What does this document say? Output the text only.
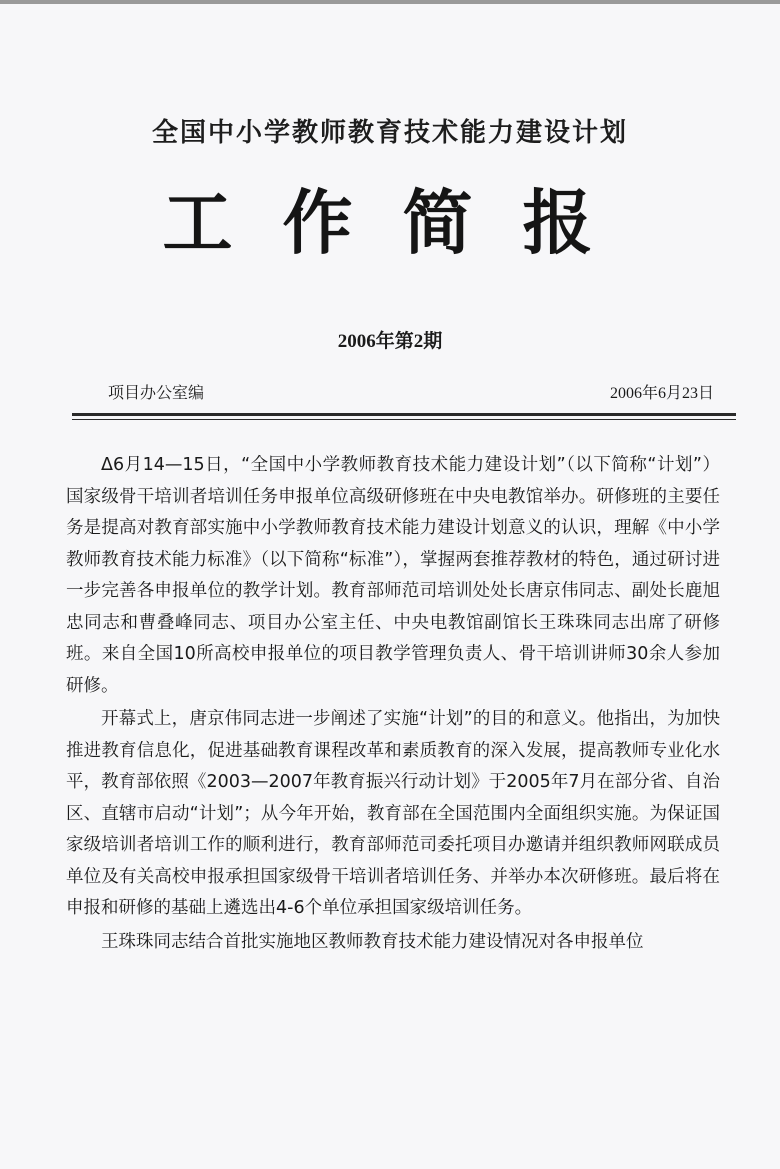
全国中小学教师教育技术能力建设计划
工作简报
2006年第2期
项目办公室编	2006年6月23日

Δ6月14—15日，“全国中小学教师教育技术能力建设计划”（以下简称“计划”）国家级骨干培训者培训任务申报单位高级研修班在中央电教馆举办。研修班的主要任务是提高对教育部实施中小学教师教育技术能力建设计划意义的认识，理解《中小学教师教育技术能力标准》（以下简称“标准”），掌握两套推荐教材的特色，通过研讨进一步完善各申报单位的教学计划。教育部师范司培训处处长唐京伟同志、副处长鹿旭忠同志和曹叠峰同志、项目办公室主任、中央电教馆副馆长王珠珠同志出席了研修班。来自全国10所高校申报单位的项目教学管理负责人、骨干培训讲师30余人参加研修。

开幕式上，唐京伟同志进一步阐述了实施“计划”的目的和意义。他指出，为加快推进教育信息化，促进基础教育课程改革和素质教育的深入发展，提高教师专业化水平，教育部依照《2003—2007年教育振兴行动计划》于2005年7月在部分省、自治区、直辖市启动“计划”；从今年开始，教育部在全国范围内全面组织实施。为保证国家级培训者培训工作的顺利进行，教育部师范司委托项目办邀请并组织教师网联成员单位及有关高校申报承担国家级骨干培训者培训任务、并举办本次研修班。最后将在申报和研修的基础上遴选出4-6个单位承担国家级培训任务。

王珠珠同志结合首批实施地区教师教育技术能力建设情况对各申报单位
